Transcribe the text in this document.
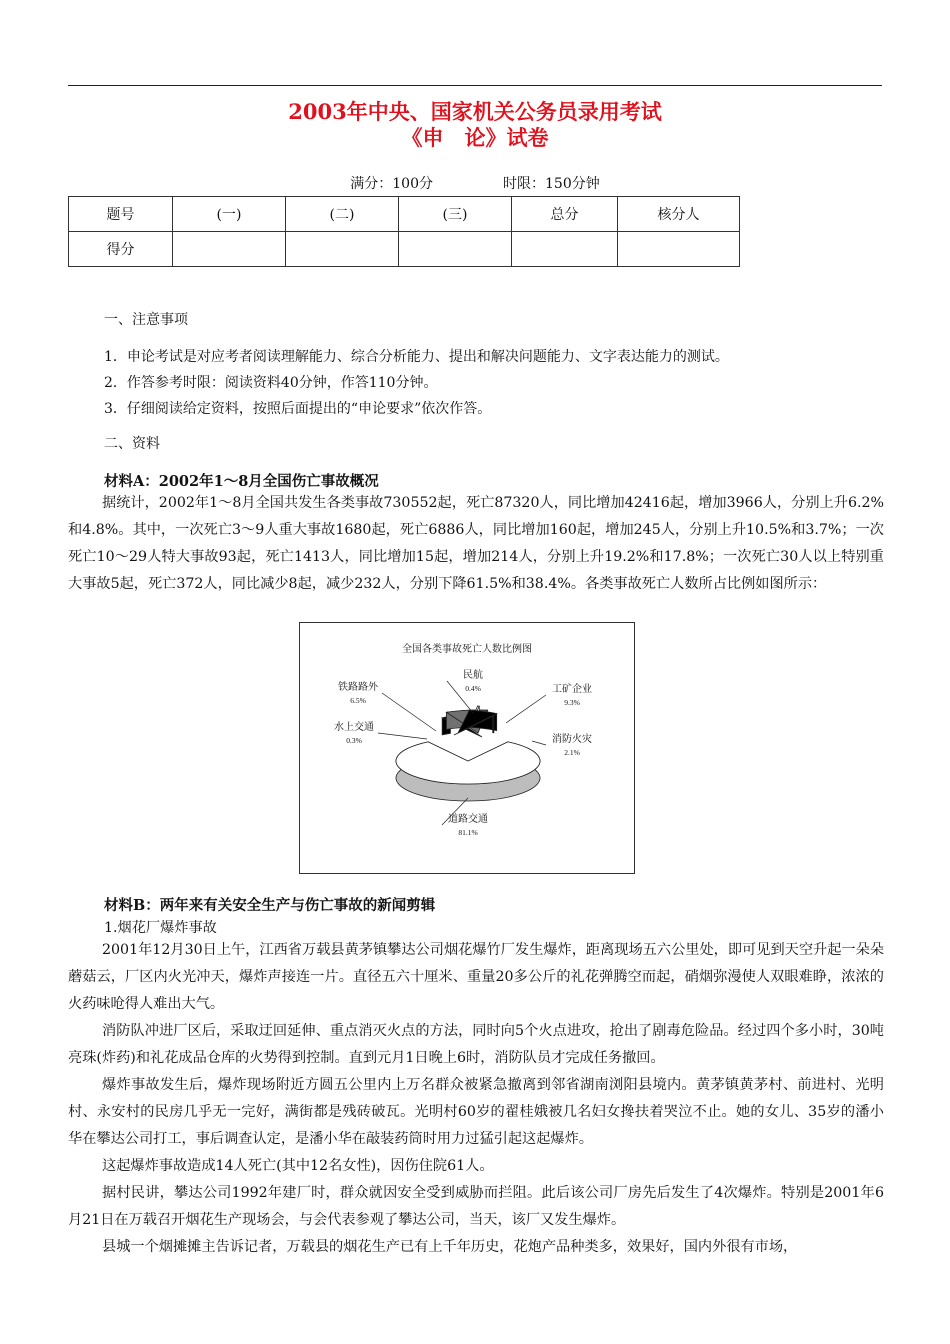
2003年中央、国家机关公务员录用考试
《申　论》试卷
满分：100分	时限：150分钟
题号	(一)	(二)	(三)	总分	核分人
得分					
一、注意事项
1．申论考试是对应考者阅读理解能力、综合分析能力、提出和解决问题能力、文字表达能力的测试。
2．作答参考时限：阅读资料40分钟，作答110分钟。
3．仔细阅读给定资料，按照后面提出的“申论要求”依次作答。
二、资料
材料A：2002年1～8月全国伤亡事故概况

据统计，2002年1～8月全国共发生各类事故730552起，死亡87320人，同比增加42416起，增加3966人，分别上升6.2%和4.8%。其中，一次死亡3～9人重大事故1680起，死亡6886人，同比增加160起，增加245人，分别上升10.5%和3.7%；一次死亡10～29人特大事故93起，死亡1413人，同比增加15起，增加214人，分别上升19.2%和17.8%；一次死亡30人以上特别重大事故5起，死亡372人，同比减少8起，减少232人，分别下降61.5%和38.4%。各类事故死亡人数所占比例如图所示：

全国各类事故死亡人数比例图
道路交通
81.1%
工矿企业
9.3%
铁路路外
6.5%
消防火灾
2.1%
民航
0.4%
水上交通
0.3%
材料B：两年来有关安全生产与伤亡事故的新闻剪辑
1.烟花厂爆炸事故

2001年12月30日上午，江西省万载县黄茅镇攀达公司烟花爆竹厂发生爆炸，距离现场五六公里处，即可见到天空升起一朵朵蘑菇云，厂区内火光冲天，爆炸声接连一片。直径五六十厘米、重量20多公斤的礼花弹腾空而起，硝烟弥漫使人双眼难睁，浓浓的火药味呛得人难出大气。

消防队冲进厂区后，采取迂回延伸、重点消灭火点的方法，同时向5个火点进攻，抢出了剧毒危险品。经过四个多小时，30吨亮珠(炸药)和礼花成品仓库的火势得到控制。直到元月1日晚上6时，消防队员才完成任务撤回。

爆炸事故发生后，爆炸现场附近方圆五公里内上万名群众被紧急撤离到邻省湖南浏阳县境内。黄茅镇黄茅村、前进村、光明村、永安村的民房几乎无一完好，满街都是残砖破瓦。光明村60岁的翟桂娥被几名妇女搀扶着哭泣不止。她的女儿、35岁的潘小华在攀达公司打工，事后调查认定，是潘小华在敲装药筒时用力过猛引起这起爆炸。

这起爆炸事故造成14人死亡(其中12名女性)，因伤住院61人。

据村民讲，攀达公司1992年建厂时，群众就因安全受到威胁而拦阻。此后该公司厂房先后发生了4次爆炸。特别是2001年6月21日在万载召开烟花生产现场会，与会代表参观了攀达公司，当天，该厂又发生爆炸。

县城一个烟摊摊主告诉记者，万载县的烟花生产已有上千年历史，花炮产品种类多，效果好，国内外很有市场，
